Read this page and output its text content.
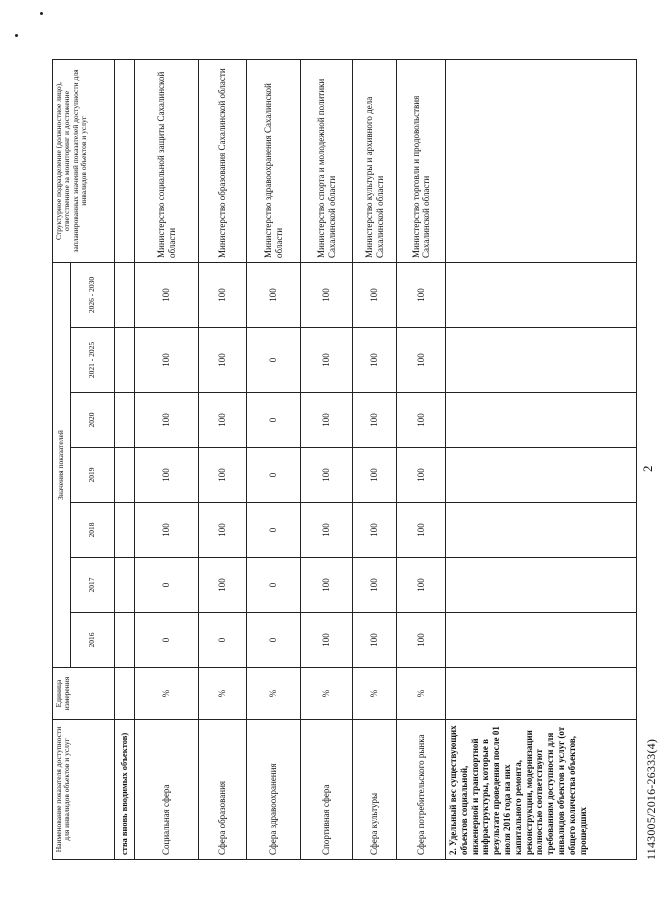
Наименование показателя доступности для инвалидов объектов и услуг	Единица измерения	Значения показателей							Структурное подразделение (должностное лицо), ответственное за мониторинг и достижение запланированных значений показателей доступности для инвалидов объектов и услуг
		2016	2017	2018	2019	2020	2021 - 2025	2026 - 2030	
ства вновь вводимых объектов)									
Социальная сфера	%	0	0	100	100	100	100	100	Министерство социальной защиты Сахалинской области
Сфера образования	%	0	100	100	100	100	100	100	Министерство образования Сахалинской области
Сфера здравоохранения	%	0	0	0	0	0	0	100	Министерство здравоохранения Сахалинской области
Спортивная сфера	%	100	100	100	100	100	100	100	Министерство спорта и молодежной политики Сахалинской области
Сфера культуры	%	100	100	100	100	100	100	100	Министерство культуры и архивного дела Сахалинской области
Сфера потребительского рынка	%	100	100	100	100	100	100	100	Министерство торговли и продовольствия Сахалинской области
2. Удельный вес существующих объектов социальной, инженерной и транспортной инфраструктуры, которые в результате проведения после 01 июля 2016 года на них капитального ремонта, реконструкции, модернизации полностью соответствуют требованиям доступности для инвалидов объектов и услуг (от общего количества объектов, прошедших									
2
1143005/2016-26333(4)
